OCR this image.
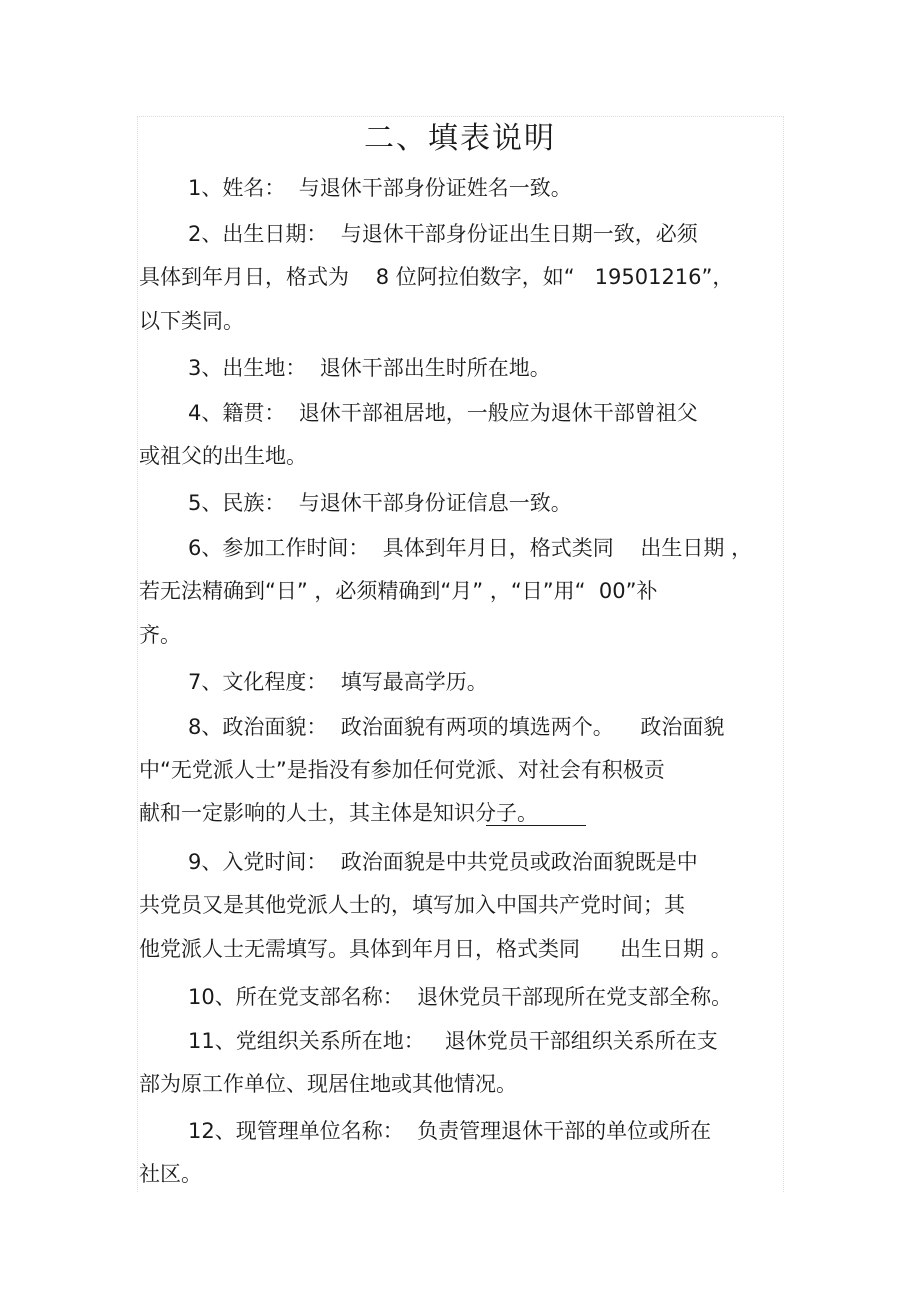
二、填表说明
1、姓名：  与退休干部身份证姓名一致。
2、出生日期：  与退休干部身份证出生日期一致，必须
具体到年月日，格式为    8 位阿拉伯数字，如“   19501216”，
以下类同。
3、出生地：  退休干部出生时所在地。
4、籍贯：  退休干部祖居地，一般应为退休干部曾祖父
或祖父的出生地。
5、民族：  与退休干部身份证信息一致。
6、参加工作时间：  具体到年月日，格式类同    出生日期 ，
若无法精确到“日” ，必须精确到“月” ，“日”用“  00”补
齐。
7、文化程度：  填写最高学历。
8、政治面貌：  政治面貌有两项的填选两个。    政治面貌
中“无党派人士”是指没有参加任何党派、对社会有积极贡
献和一定影响的人士，其主体是知识分子。
9、入党时间：  政治面貌是中共党员或政治面貌既是中
共党员又是其他党派人士的，填写加入中国共产党时间；其
他党派人士无需填写。具体到年月日，格式类同      出生日期 。
10、所在党支部名称：  退休党员干部现所在党支部全称。
11、党组织关系所在地：   退休党员干部组织关系所在支
部为原工作单位、现居住地或其他情况。
12、现管理单位名称：  负责管理退休干部的单位或所在
社区。
